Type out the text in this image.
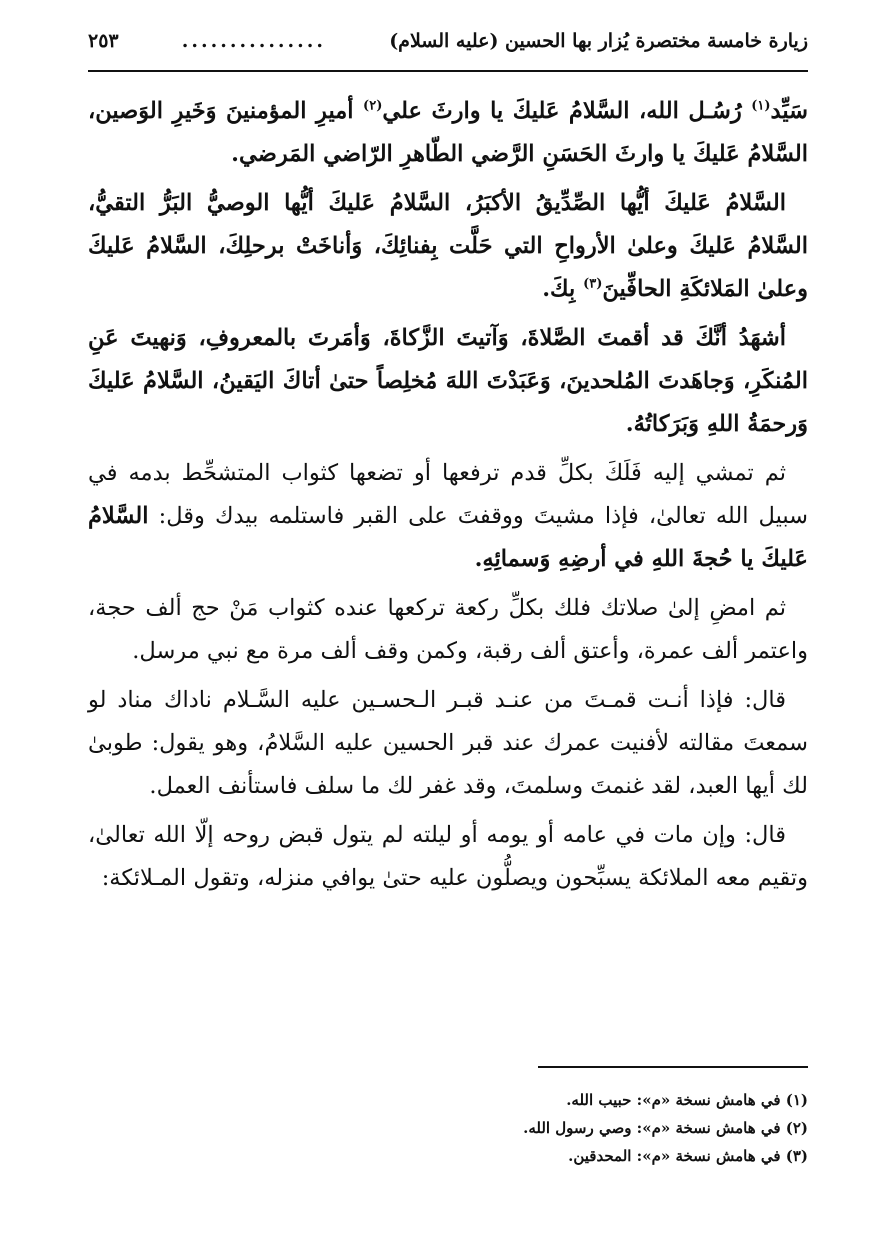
زيارة خامسة مختصرة يُزار بها الحسين (عليه السلام)
...............
٢٥٣

سَيِّد$^{(١)}$ رُسُـل الله، السَّلامُ عَليكَ يا وارثَ علي$^{(٢)}$ أميرِ المؤمنينَ وَخَيرِ الوَصين، السَّلامُ عَليكَ يا وارثَ الحَسَنِ الرَّضي الطّاهرِ الرّاضي المَرضي.

السَّلامُ عَليكَ أيُّها الصِّدِّيقُ الأكبَرُ، السَّلامُ عَليكَ أيُّها الوصيُّ البَرُّ التقيُّ، السَّلامُ عَليكَ وعلىٰ الأرواحِ التي حَلَّت بِفنائِكَ، وَأناخَتْ برحلِكَ، السَّلامُ عَليكَ وعلىٰ المَلائكَةِ الحافِّينَ$^{(٣)}$ بِكَ.

أشهَدُ أنَّكَ قد أقمتَ الصَّلاةَ، وَآتيتَ الزَّكاةَ، وَأمَرتَ بالمعروفِ، وَنهيتَ عَنِ المُنكَرِ، وَجاهَدتَ المُلحدينَ، وَعَبَدْتَ اللهَ مُخلِصاً حتىٰ أتاكَ اليَقينُ، السَّلامُ عَليكَ وَرحمَةُ اللهِ وَبَرَكاتُهُ.

ثم تمشي إليه فَلَكَ بكلِّ قدم ترفعها أو تضعها كثواب المتشحِّط بدمه في سبيل الله تعالىٰ، فإذا مشيتَ ووقفتَ على القبر فاستلمه بيدك وقل: السَّلامُ عَليكَ يا حُجةَ اللهِ في أرضِهِ وَسمائِهِ.

ثم امضِ إلىٰ صلاتك فلك بكلِّ ركعة تركعها عنده كثواب مَنْ حج ألف حجة، واعتمر ألف عمرة، وأعتق ألف رقبة، وكمن وقف ألف مرة مع نبي مرسل.

قال: فإذا أنـت قمـتَ من عنـد قبـر الـحسـين عليه السَّـلام ناداك مناد لو سمعتَ مقالته لأفنيت عمرك عند قبر الحسين عليه السَّلامُ، وهو يقول: طوبىٰ لك أيها العبد، لقد غنمتَ وسلمتَ، وقد غفر لك ما سلف فاستأنف العمل.

قال: وإن مات في عامه أو يومه أو ليلته لم يتول قبض روحه إلّا الله تعالىٰ، وتقيم معه الملائكة يسبِّحون ويصلُّون عليه حتىٰ يوافي منزله، وتقول المـلائكة:

(١) في هامش نسخة «م»: حبيب الله.
(٢) في هامش نسخة «م»: وصي رسول الله.
(٣) في هامش نسخة «م»: المحدقين.
